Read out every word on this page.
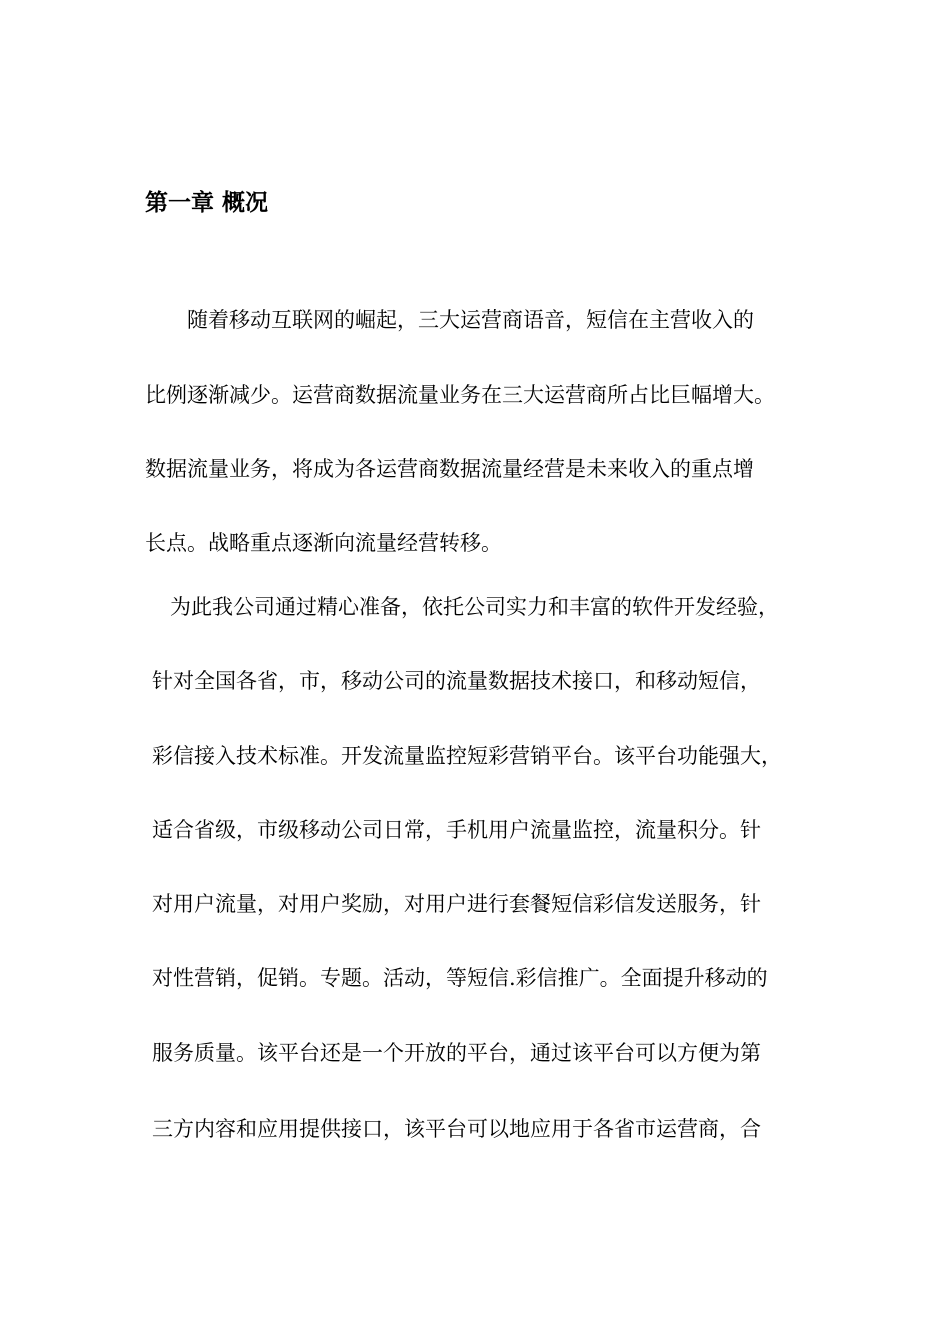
第一章 概况

随着移动互联网的崛起，三大运营商语音，短信在主营收入的

比例逐渐减少。运营商数据流量业务在三大运营商所占比巨幅增大。

数据流量业务，将成为各运营商数据流量经营是未来收入的重点增

长点。战略重点逐渐向流量经营转移。

为此我公司通过精心准备，依托公司实力和丰富的软件开发经验，

针对全国各省，市，移动公司的流量数据技术接口，和移动短信，

彩信接入技术标准。开发流量监控短彩营销平台。该平台功能强大，

适合省级，市级移动公司日常，手机用户流量监控，流量积分。针

对用户流量，对用户奖励，对用户进行套餐短信彩信发送服务，针

对性营销，促销。专题。活动，等短信.彩信推广。全面提升移动的

服务质量。该平台还是一个开放的平台，通过该平台可以方便为第

三方内容和应用提供接口，该平台可以地应用于各省市运营商，合
